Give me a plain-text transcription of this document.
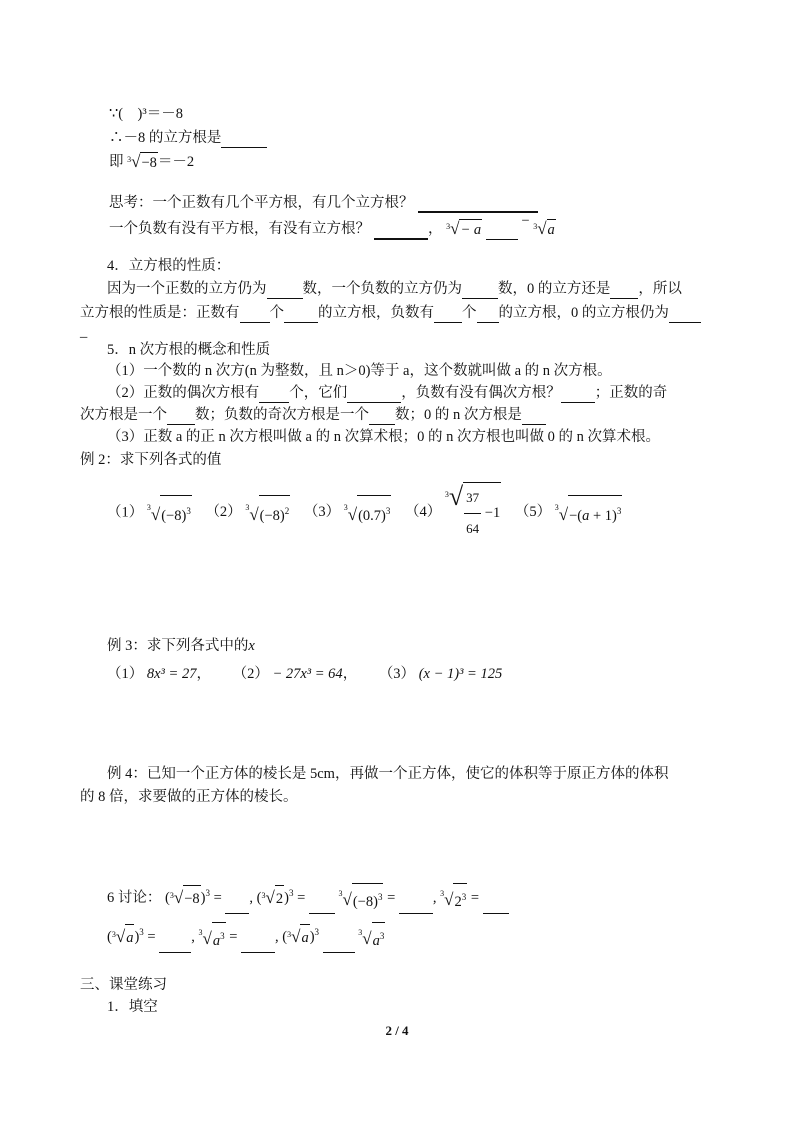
∵(　)³＝－8
∴－8 的立方根是
即 3 √−8＝－2
思考：一个正数有几个平方根，有几个立方根？
一个负数有没有平方根，有没有立方根？	， 3 √− a  − 3 √a
4．立方根的性质：
因为一个正数的立方仍为 数，一个负数的立方仍为 数，0 的立方还是 ，所以
立方根的性质是：正数有 个 的立方根，负数有 个 的立方根，0 的立方根仍为
_
5．n 次方根的概念和性质
（1）一个数的 n 次方(n 为整数，且 n＞0)等于 a，这个数就叫做 a 的 n 次方根。
（2）正数的偶次方根有 个，它们	，负数有没有偶次方根？ ；正数的奇
次方根是一个 数；负数的奇次方根是一个 数；0 的 n 次方根是
（3）正数 a 的正 n 次方根叫做 a 的 n 次算术根；0 的 n 次方根也叫做 0 的 n 次算术根。
例 2：求下列各式的值
（1） 3 $√(-8)^3$ （2） 3 $√(-8)^2$ （3） 3 $√(0.7)^3$ （4）
3 √ $\frac{37}{64} -1$ （5） 3 $√-(a + 1)^3$
例 3：求下列各式中的x
（1） 8x³ = 27， （2） − 27x³ = 64， （3） (x − 1)³ = 125
例 4：已知一个正方体的棱长是 5cm，再做一个正方体，使它的体积等于原正方体的体积
的 8 倍，求要做的正方体的棱长。
6 讨论： ( 3 √−8)$^3$ = , ( 3 √2)$^3$ =	3 $√(-8)^3$ = , 3 $√2^3$ =
( 3 √a)$^3$ = , 3 $√a^3$ = , ( 3 √a)$^3$	3 $√a^3$
三、课堂练习
1．填空
2 / 4
